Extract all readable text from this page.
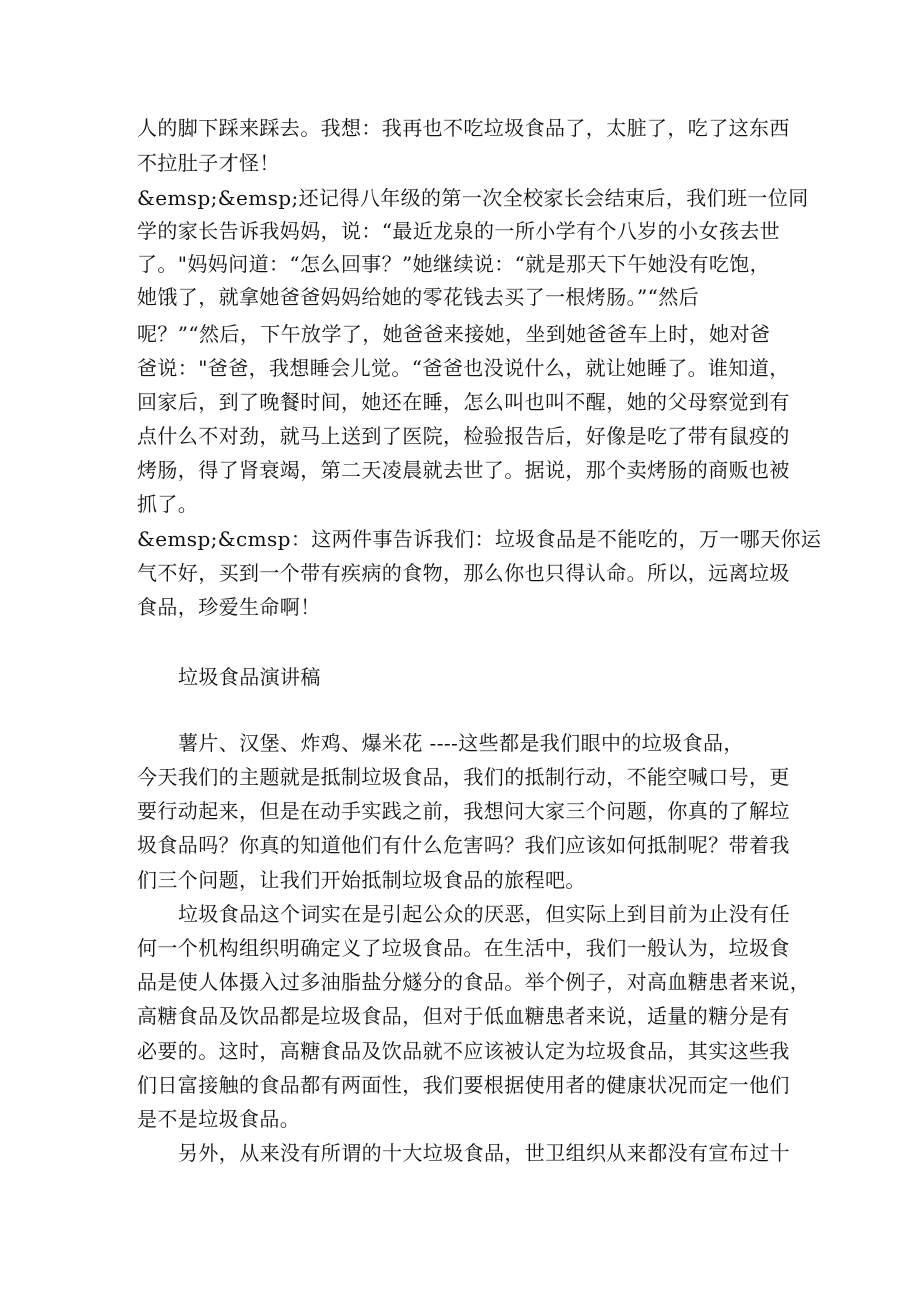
人的脚下踩来踩去。我想：我再也不吃垃圾食品了，太脏了，吃了这东西
不拉肚子才怪！
&emsp;&emsp;还记得八年级的第一次全校家长会结束后，我们班一位同
学的家长告诉我妈妈，说：“最近龙泉的一所小学有个八岁的小女孩去世
了。"妈妈问道：“怎么回事？”她继续说：“就是那天下午她没有吃饱，
她饿了，就拿她爸爸妈妈给她的零花钱去买了一根烤肠。”“然后
呢？”“然后，下午放学了，她爸爸来接她，坐到她爸爸车上时，她对爸
爸说："爸爸，我想睡会儿觉。“爸爸也没说什么，就让她睡了。谁知道，
回家后，到了晚餐时间，她还在睡，怎么叫也叫不醒，她的父母察觉到有
点什么不对劲，就马上送到了医院，检验报告后，好像是吃了带有鼠疫的
烤肠，得了肾衰竭，第二天凌晨就去世了。据说，那个卖烤肠的商贩也被
抓了。
&emsp;&cmsp：这两件事告诉我们：垃圾食品是不能吃的，万一哪天你运
气不好，买到一个带有疾病的食物，那么你也只得认命。所以，远离垃圾
食品，珍爱生命啊！
垃圾食品演讲稿
薯片、汉堡、炸鸡、爆米花 ----这些都是我们眼中的垃圾食品，
今天我们的主题就是抵制垃圾食品，我们的抵制行动，不能空喊口号，更
要行动起来，但是在动手实践之前，我想问大家三个问题，你真的了解垃
圾食品吗？你真的知道他们有什么危害吗？我们应该如何抵制呢？带着我
们三个问题，让我们开始抵制垃圾食品的旅程吧。
垃圾食品这个词实在是引起公众的厌恶，但实际上到目前为止没有任
何一个机构组织明确定义了垃圾食品。在生活中，我们一般认为，垃圾食
品是使人体摄入过多油脂盐分燧分的食品。举个例子，对高血糖患者来说，
高糖食品及饮品都是垃圾食品，但对于低血糖患者来说，适量的糖分是有
必要的。这时，高糖食品及饮品就不应该被认定为垃圾食品，其实这些我
们日富接触的食品都有两面性，我们要根据使用者的健康状况而定一他们
是不是垃圾食品。
另外，从来没有所谓的十大垃圾食品，世卫组织从来都没有宣布过十
